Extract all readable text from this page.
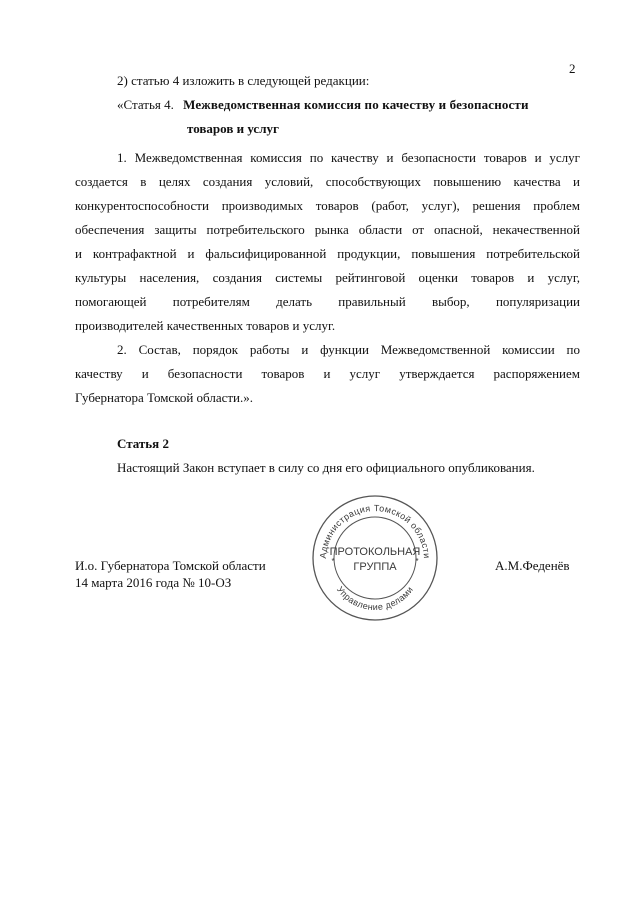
2
2) статью 4 изложить в следующей редакции:
«Статья 4. Межведомственная комиссия по качеству и безопасности
товаров и услуг
1. Межведомственная комиссия по качеству и безопасности товаров и услуг
создается в целях создания условий, способствующих повышению качества и
конкурентоспособности производимых товаров (работ, услуг), решения проблем
обеспечения защиты потребительского рынка области от опасной, некачественной
и контрафактной и фальсифицированной продукции, повышения потребительской
культуры населения, создания системы рейтинговой оценки товаров и услуг,
помогающей потребителям делать правильный выбор, популяризации
производителей качественных товаров и услуг.
2. Состав, порядок работы и функции Межведомственной комиссии по
качеству и безопасности товаров и услуг утверждается распоряжением
Губернатора Томской области.».
Статья 2
Настоящий Закон вступает в силу со дня его официального опубликования.
Администрация Томской области
Управление делами
ПРОТОКОЛЬНАЯ
ГРУППА
*	*
И.о. Губернатора Томской области
14 марта 2016 года № 10-ОЗ
А.М.Феденёв
